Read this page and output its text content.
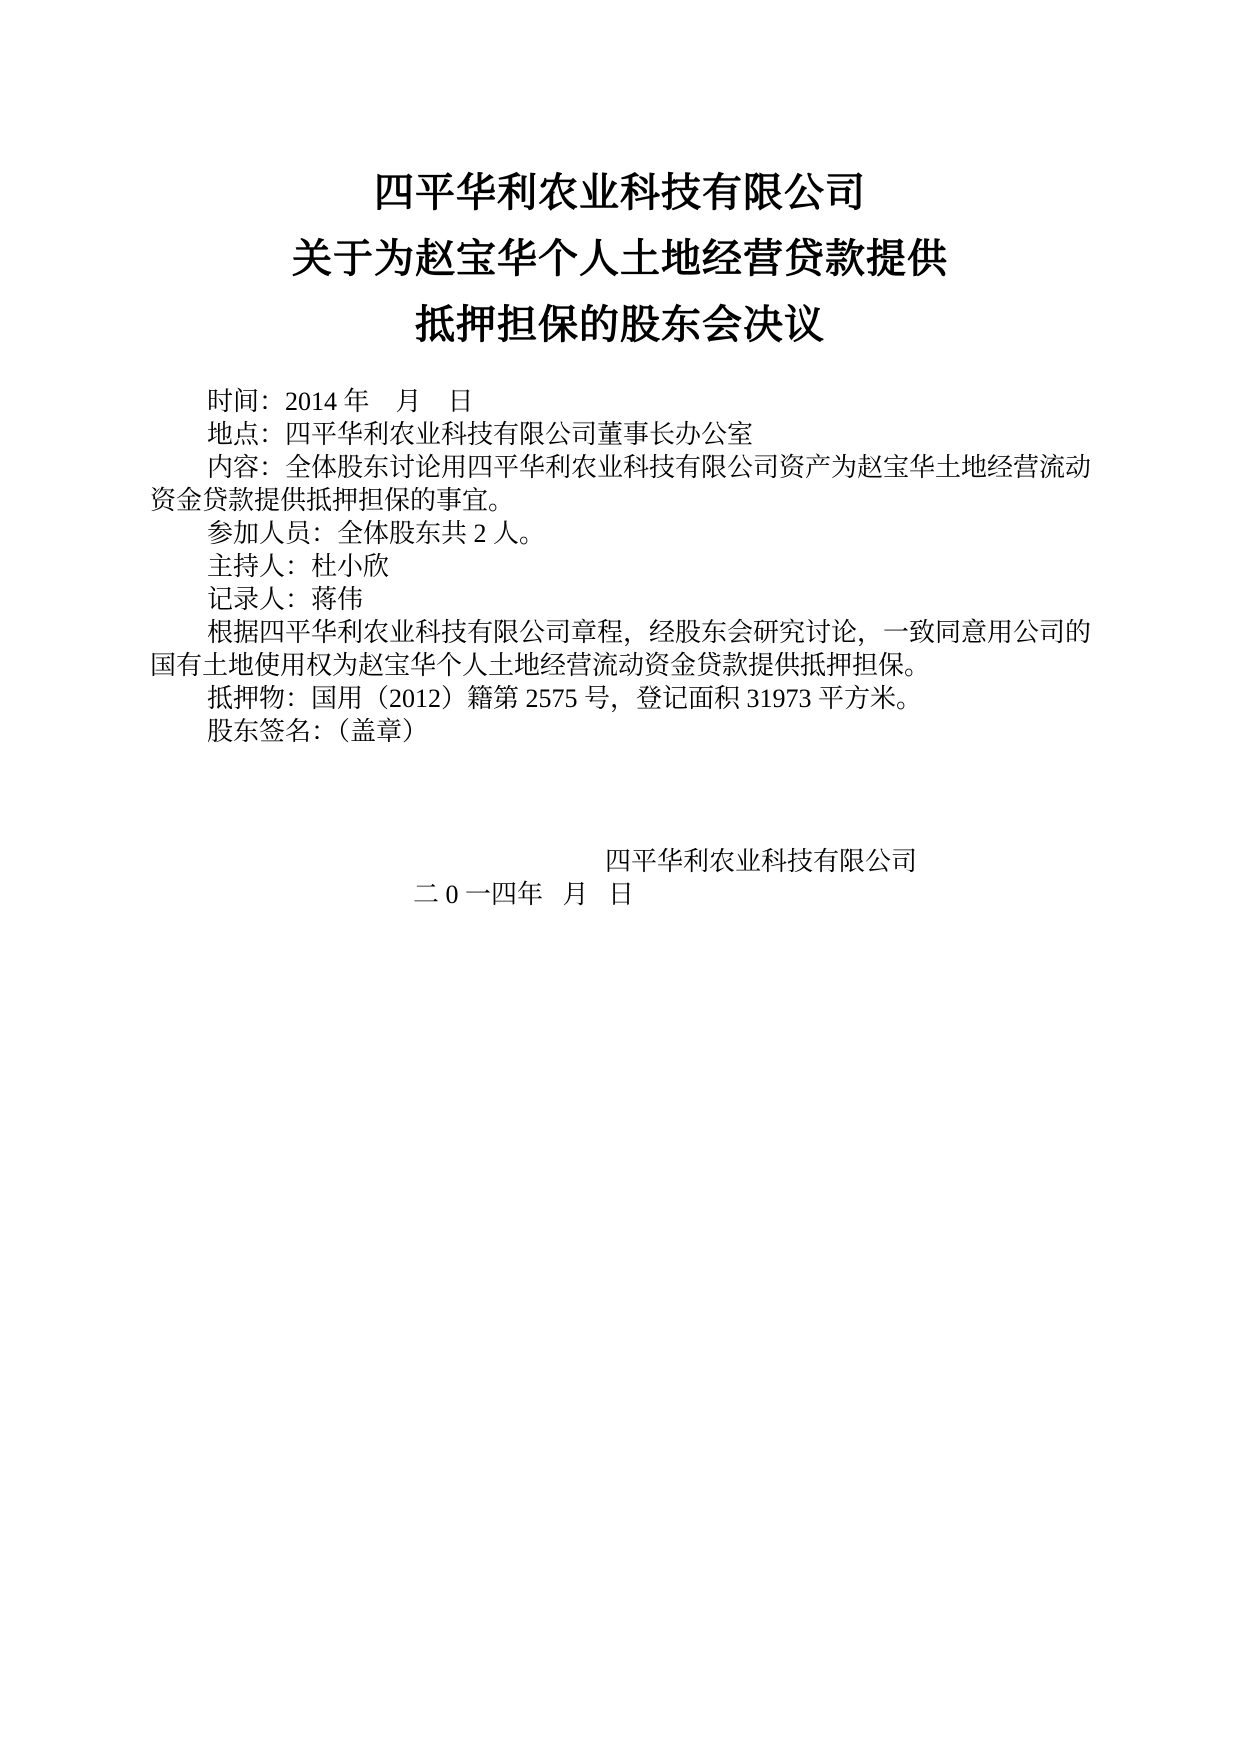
四平华利农业科技有限公司
关于为赵宝华个人土地经营贷款提供
抵押担保的股东会决议

时间：2014 年    月    日

地点：四平华利农业科技有限公司董事长办公室

内容：全体股东讨论用四平华利农业科技有限公司资产为赵宝华土地经营流动资金贷款提供抵押担保的事宜。

参加人员：全体股东共 2 人。

主持人：杜小欣

记录人：蒋伟

根据四平华利农业科技有限公司章程，经股东会研究讨论，一致同意用公司的国有土地使用权为赵宝华个人土地经营流动资金贷款提供抵押担保。

抵押物：国用（2012）籍第 2575 号，登记面积 31973 平方米。

股东签名：（盖章）

四平华利农业科技有限公司
二 0 一四年   月   日
